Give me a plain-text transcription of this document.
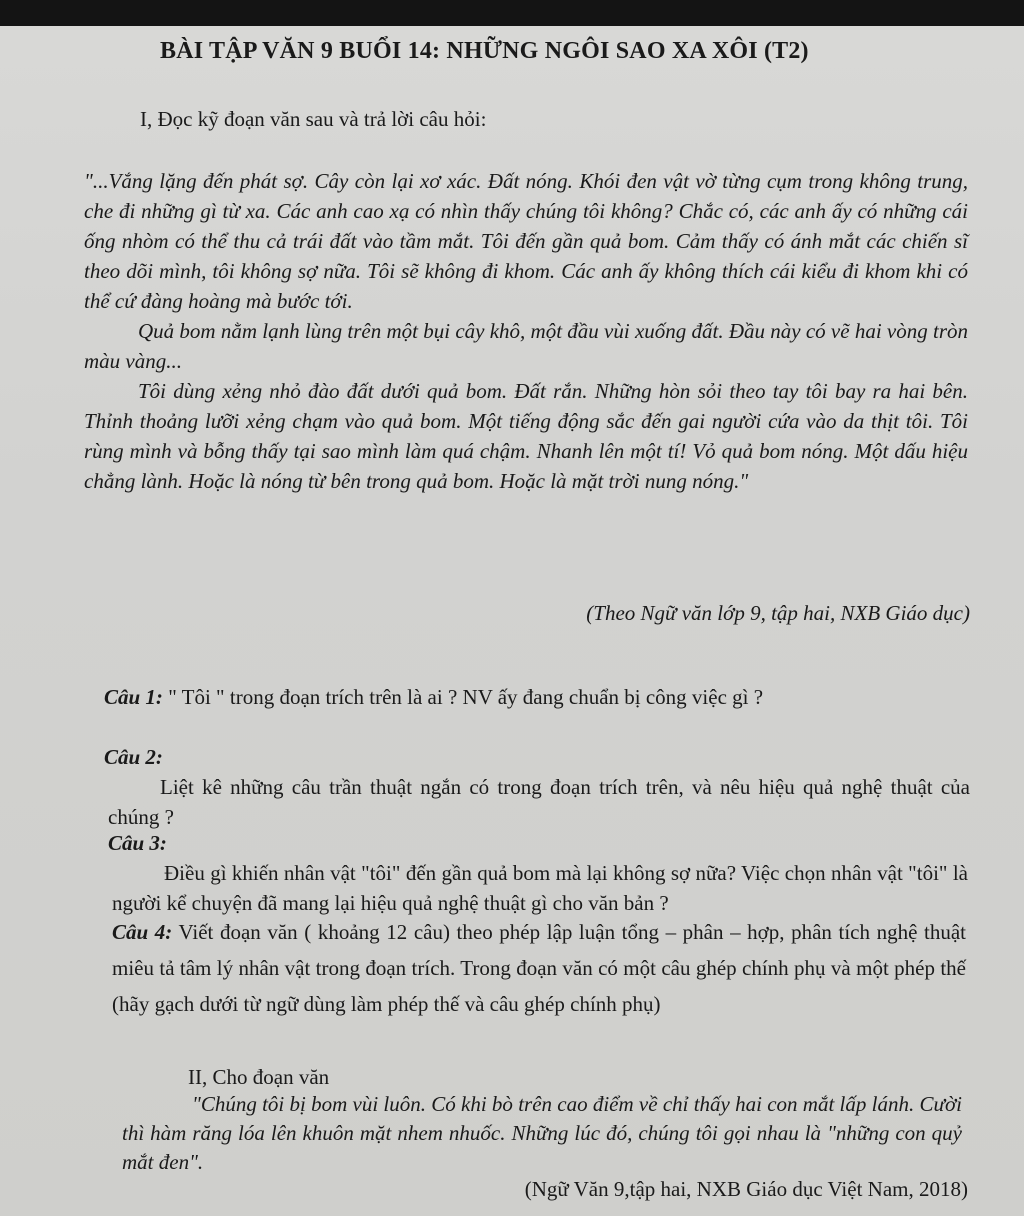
BÀI TẬP VĂN 9 BUỔI 14: NHỮNG NGÔI SAO XA XÔI (T2)

I, Đọc kỹ đoạn văn sau và trả lời câu hỏi:

"...Vắng lặng đến phát sợ. Cây còn lại xơ xác. Đất nóng. Khói đen vật vờ từng cụm trong không trung, che đi những gì từ xa. Các anh cao xạ có nhìn thấy chúng tôi không? Chắc có, các anh ấy có những cái ống nhòm có thể thu cả trái đất vào tầm mắt. Tôi đến gần quả bom. Cảm thấy có ánh mắt các chiến sĩ theo dõi mình, tôi không sợ nữa. Tôi sẽ không đi khom. Các anh ấy không thích cái kiểu đi khom khi có thể cứ đàng hoàng mà bước tới.

Quả bom nằm lạnh lùng trên một bụi cây khô, một đầu vùi xuống đất. Đầu này có vẽ hai vòng tròn màu vàng...

Tôi dùng xẻng nhỏ đào đất dưới quả bom. Đất rắn. Những hòn sỏi theo tay tôi bay ra hai bên. Thỉnh thoảng lưỡi xẻng chạm vào quả bom. Một tiếng động sắc đến gai người cứa vào da thịt tôi. Tôi rùng mình và bỗng thấy tại sao mình làm quá chậm. Nhanh lên một tí! Vỏ quả bom nóng. Một dấu hiệu chẳng lành. Hoặc là nóng từ bên trong quả bom. Hoặc là mặt trời nung nóng."

(Theo Ngữ văn lớp 9, tập hai, NXB Giáo dục)

Câu 1: " Tôi " trong đoạn trích trên là ai ? NV ấy đang chuẩn bị công việc gì ?

Câu 2:

Liệt kê những câu trần thuật ngắn có trong đoạn trích trên, và nêu hiệu quả nghệ thuật của chúng ?

Câu 3:

Điều gì khiến nhân vật "tôi" đến gần quả bom mà lại không sợ nữa? Việc chọn nhân vật "tôi" là người kể chuyện đã mang lại hiệu quả nghệ thuật gì cho văn bản ?

Câu 4: Viết đoạn văn ( khoảng 12 câu) theo phép lập luận tổng – phân – hợp, phân tích nghệ thuật miêu tả tâm lý nhân vật trong đoạn trích. Trong đoạn văn có một câu ghép chính phụ và một phép thế (hãy gạch dưới từ ngữ dùng làm phép thế và câu ghép chính phụ)

II, Cho đoạn văn

"Chúng tôi bị bom vùi luôn. Có khi bò trên cao điểm về chỉ thấy hai con mắt lấp lánh. Cười thì hàm răng lóa lên khuôn mặt nhem nhuốc. Những lúc đó, chúng tôi gọi nhau là "những con quỷ mắt đen".

(Ngữ Văn 9,tập hai, NXB Giáo dục Việt Nam, 2018)
